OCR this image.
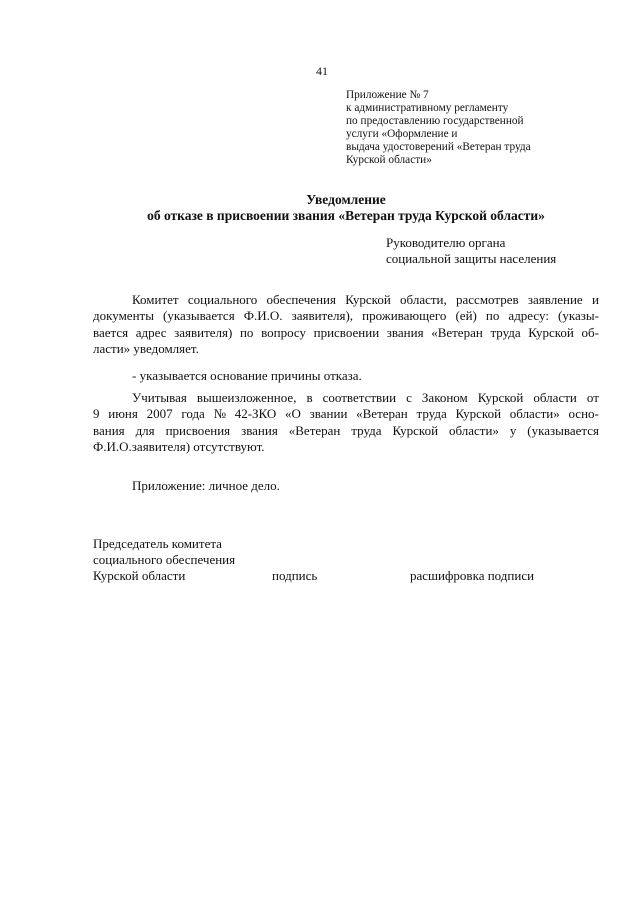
41
Приложение № 7
к административному регламенту
по предоставлению государственной
услуги «Оформление и
выдача удостоверений «Ветеран труда
Курской области»
Уведомление
об отказе в присвоении звания «Ветеран труда Курской области»
Руководителю органа
социальной защиты населения
Комитет социального обеспечения Курской области, рассмотрев заявление и
документы (указывается Ф.И.О. заявителя), проживающего (ей) по адресу: (указы-
вается адрес заявителя) по вопросу присвоении звания «Ветеран труда Курской об-
ласти» уведомляет.
- указывается основание причины отказа.
Учитывая вышеизложенное, в соответствии с Законом Курской области от
9 июня 2007 года № 42-ЗКО «О звании «Ветеран труда Курской области» осно-
вания для присвоения звания «Ветеран труда Курской области» у (указывается
Ф.И.О.заявителя) отсутствуют.
Приложение: личное дело.
Председатель комитета
социального обеспечения
Курской области	подпись	расшифровка подписи
